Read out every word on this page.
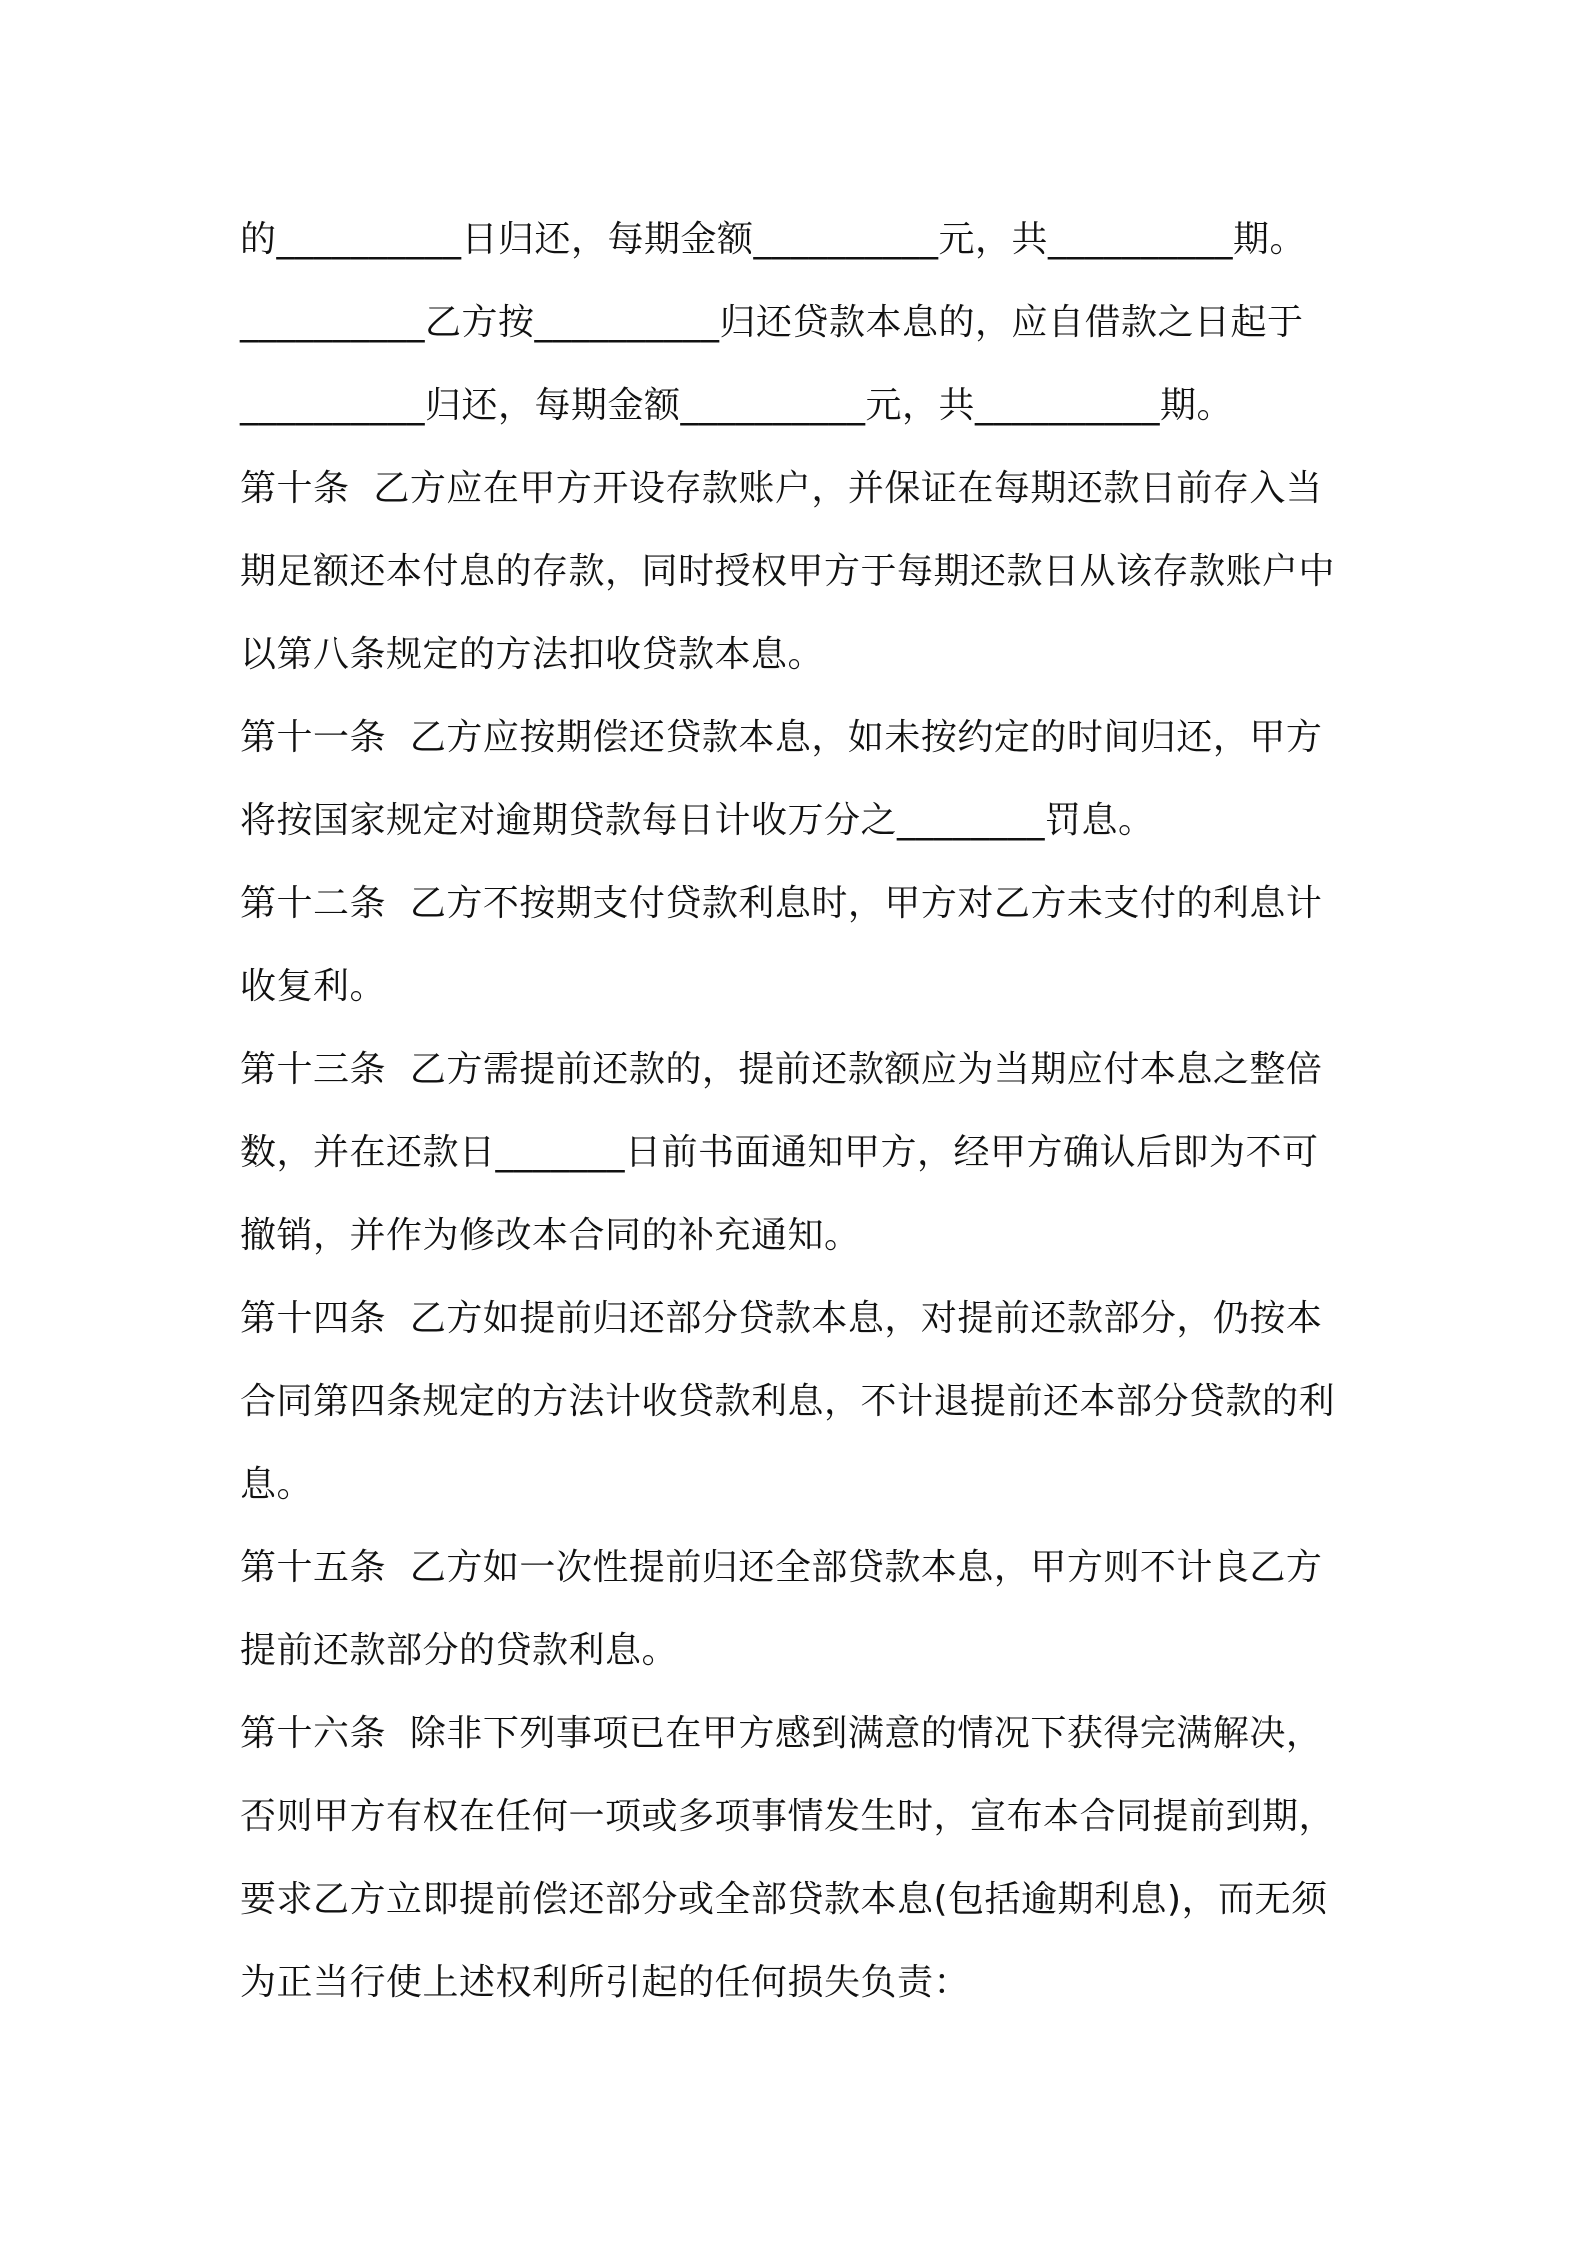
的__________日归还，每期金额__________元，共__________期。
__________乙方按__________归还贷款本息的，应自借款之日起于
__________归还，每期金额__________元，共__________期。
第十条  乙方应在甲方开设存款账户，并保证在每期还款日前存入当
期足额还本付息的存款，同时授权甲方于每期还款日从该存款账户中
以第八条规定的方法扣收贷款本息。
第十一条  乙方应按期偿还贷款本息，如未按约定的时间归还，甲方
将按国家规定对逾期贷款每日计收万分之________罚息。
第十二条  乙方不按期支付贷款利息时，甲方对乙方未支付的利息计
收复利。
第十三条  乙方需提前还款的，提前还款额应为当期应付本息之整倍
数，并在还款日_______日前书面通知甲方，经甲方确认后即为不可
撤销，并作为修改本合同的补充通知。
第十四条  乙方如提前归还部分贷款本息，对提前还款部分，仍按本
合同第四条规定的方法计收贷款利息，不计退提前还本部分贷款的利
息。
第十五条  乙方如一次性提前归还全部贷款本息，甲方则不计良乙方
提前还款部分的贷款利息。
第十六条  除非下列事项已在甲方感到满意的情况下获得完满解决，
否则甲方有权在任何一项或多项事情发生时，宣布本合同提前到期，
要求乙方立即提前偿还部分或全部贷款本息(包括逾期利息)，而无须
为正当行使上述权利所引起的任何损失负责：
